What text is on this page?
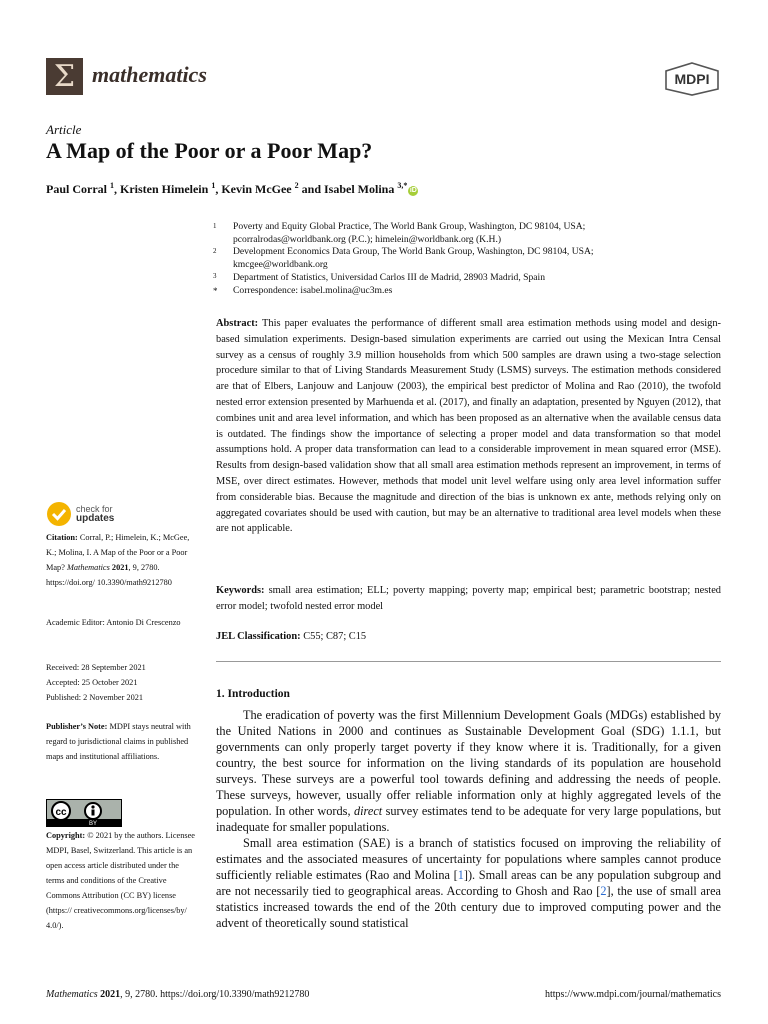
Σ mathematics	MDPI
Article
A Map of the Poor or a Poor Map?
Paul Corral $^1$, Kristen Himelein $^1$, Kevin McGee $^2$ and Isabel Molina $^{3,*}$iD
1	Poverty and Equity Global Practice, The World Bank Group, Washington, DC 98104, USA;
pcorralrodas@worldbank.org (P.C.); himelein@worldbank.org (K.H.)
2	Development Economics Data Group, The World Bank Group, Washington, DC 98104, USA;
kmcgee@worldbank.org
3	Department of Statistics, Universidad Carlos III de Madrid, 28903 Madrid, Spain
*	Correspondence: isabel.molina@uc3m.es
Abstract: This paper evaluates the performance of different small area estimation methods using model and design-based simulation experiments. Design-based simulation experiments are carried out using the Mexican Intra Censal survey as a census of roughly 3.9 million households from which 500 samples are drawn using a two-stage selection procedure similar to that of Living Standards Measurement Study (LSMS) surveys. The estimation methods considered are that of Elbers, Lanjouw and Lanjouw (2003), the empirical best predictor of Molina and Rao (2010), the twofold nested error extension presented by Marhuenda et al. (2017), and finally an adaptation, presented by Nguyen (2012), that combines unit and area level information, and which has been proposed as an alternative when the available census data is outdated. The findings show the importance of selecting a proper model and data transformation so that model assumptions hold. A proper data transformation can lead to a considerable improvement in mean squared error (MSE). Results from design-based validation show that all small area estimation methods represent an improvement, in terms of MSE, over direct estimates. However, methods that model unit level welfare using only area level information suffer from considerable bias. Because the magnitude and direction of the bias is unknown ex ante, methods relying only on aggregated covariates should be used with caution, but may be an alternative to traditional area level models when these are not applicable.
Keywords: small area estimation; ELL; poverty mapping; poverty map; empirical best; parametric bootstrap; nested error model; twofold nested error model
JEL Classification: C55; C87; C15
1. Introduction

The eradication of poverty was the first Millennium Development Goals (MDGs) established by the United Nations in 2000 and continues as Sustainable Development Goal (SDG) 1.1.1, but governments can only properly target poverty if they know where it is. Traditionally, for a given country, the best source for information on the living standards of its population are household surveys. These surveys are a powerful tool towards defining and addressing the needs of people. These surveys, however, usually offer reliable information only at highly aggregated levels of the population. In other words, direct survey estimates tend to be adequate for very large populations, but inadequate for smaller populations.

Small area estimation (SAE) is a branch of statistics focused on improving the reliability of estimates and the associated measures of uncertainty for populations where samples cannot produce sufficiently reliable estimates (Rao and Molina [1]). Small areas can be any population subgroup and are not necessarily tied to geographical areas. According to Ghosh and Rao [2], the use of small area statistics increased towards the end of the 20th century due to improved computing power and the advent of theoretically sound statistical

check for
updates
Citation: Corral, P.; Himelein, K.; McGee, K.; Molina, I. A Map of the Poor or a Poor Map? Mathematics 2021, 9, 2780. https://doi.org/ 10.3390/math9212780
Academic Editor: Antonio Di Crescenzo
Received: 28 September 2021
Accepted: 25 October 2021
Published: 2 November 2021
Publisher’s Note: MDPI stays neutral with regard to jurisdictional claims in published maps and institutional affiliations.
cc
BY
Copyright: © 2021 by the authors. Licensee MDPI, Basel, Switzerland. This article is an open access article distributed under the terms and conditions of the Creative Commons Attribution (CC BY) license (https:// creativecommons.org/licenses/by/ 4.0/).
Mathematics 2021, 9, 2780. https://doi.org/10.3390/math9212780	https://www.mdpi.com/journal/mathematics
